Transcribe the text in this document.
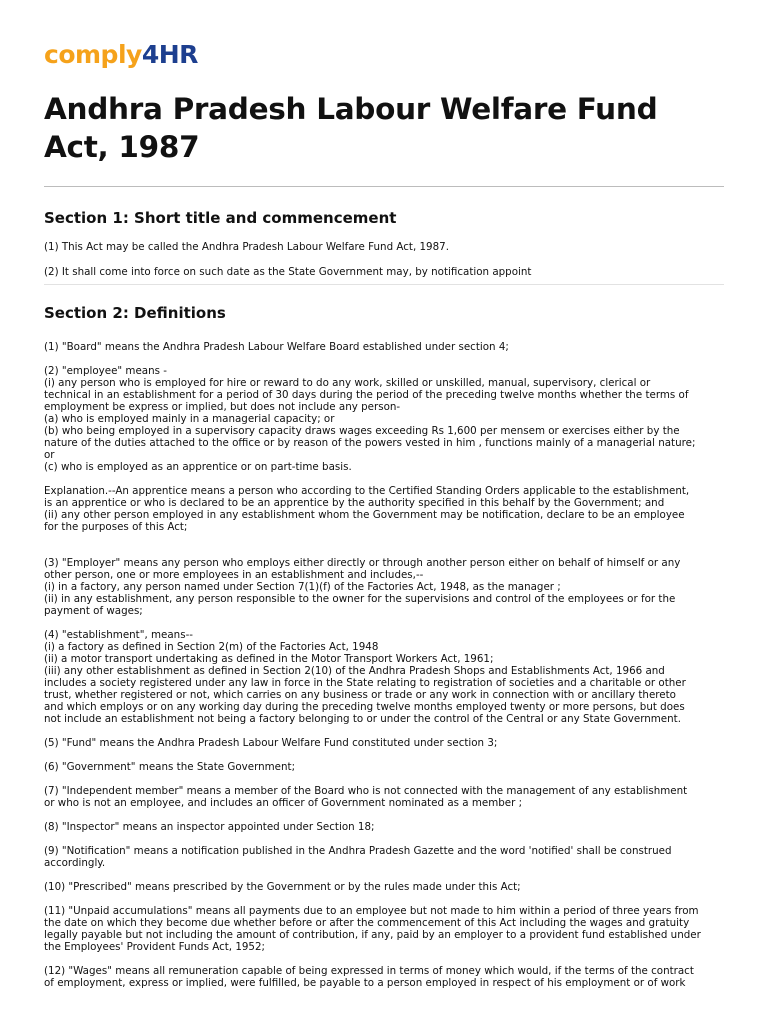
comply4HR
Andhra Pradesh Labour Welfare Fund Act, 1987
Section 1: Short title and commencement

(1) This Act may be called the Andhra Pradesh Labour Welfare Fund Act, 1987.

(2) It shall come into force on such date as the State Government may, by notification appoint

Section 2: Definitions

(1) "Board" means the Andhra Pradesh Labour Welfare Board established under section 4;

(2) "employee" means -
(i) any person who is employed for hire or reward to do any work, skilled or unskilled, manual, supervisory, clerical or
technical in an establishment for a period of 30 days during the period of the preceding twelve months whether the terms of
employment be express or implied, but does not include any person-
(a) who is employed mainly in a managerial capacity; or
(b) who being employed in a supervisory capacity draws wages exceeding Rs 1,600 per mensem or exercises either by the
nature of the duties attached to the office or by reason of the powers vested in him , functions mainly of a managerial nature;
or
(c) who is employed as an apprentice or on part-time basis.

Explanation.--An apprentice means a person who according to the Certified Standing Orders applicable to the establishment,
is an apprentice or who is declared to be an apprentice by the authority specified in this behalf by the Government; and
(ii) any other person employed in any establishment whom the Government may be notification, declare to be an employee
for the purposes of this Act;

(3) "Employer" means any person who employs either directly or through another person either on behalf of himself or any
other person, one or more employees in an establishment and includes,--
(i) in a factory, any person named under Section 7(1)(f) of the Factories Act, 1948, as the manager ;
(ii) in any establishment, any person responsible to the owner for the supervisions and control of the employees or for the
payment of wages;

(4) "establishment", means--
(i) a factory as defined in Section 2(m) of the Factories Act, 1948
(ii) a motor transport undertaking as defined in the Motor Transport Workers Act, 1961;
(iii) any other establishment as defined in Section 2(10) of the Andhra Pradesh Shops and Establishments Act, 1966 and
includes a society registered under any law in force in the State relating to registration of societies and a charitable or other
trust, whether registered or not, which carries on any business or trade or any work in connection with or ancillary thereto
and which employs or on any working day during the preceding twelve months employed twenty or more persons, but does
not include an establishment not being a factory belonging to or under the control of the Central or any State Government.

(5) "Fund" means the Andhra Pradesh Labour Welfare Fund constituted under section 3;

(6) "Government" means the State Government;

(7) "Independent member" means a member of the Board who is not connected with the management of any establishment
or who is not an employee, and includes an officer of Government nominated as a member ;

(8) "Inspector" means an inspector appointed under Section 18;

(9) "Notification" means a notification published in the Andhra Pradesh Gazette and the word 'notified' shall be construed
accordingly.

(10) "Prescribed" means prescribed by the Government or by the rules made under this Act;

(11) "Unpaid accumulations" means all payments due to an employee but not made to him within a period of three years from
the date on which they become due whether before or after the commencement of this Act including the wages and gratuity
legally payable but not including the amount of contribution, if any, paid by an employer to a provident fund established under
the Employees' Provident Funds Act, 1952;

(12) "Wages" means all remuneration capable of being expressed in terms of money which would, if the terms of the contract
of employment, express or implied, were fulfilled, be payable to a person employed in respect of his employment or of work
